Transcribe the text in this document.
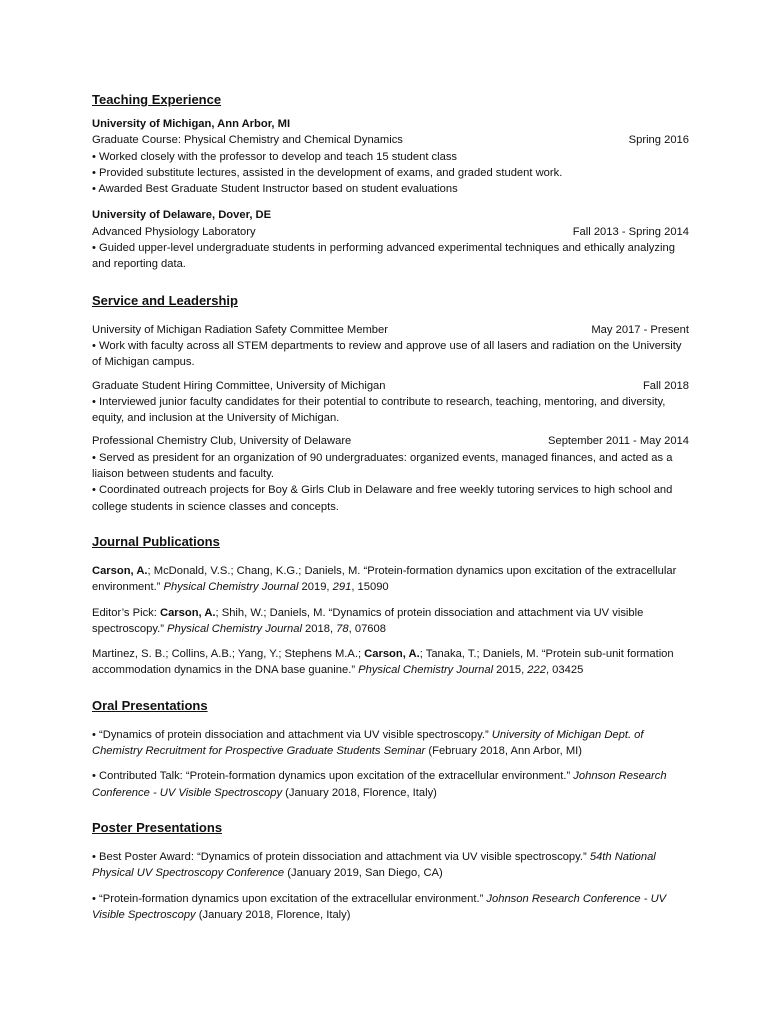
Teaching Experience
University of Michigan, Ann Arbor, MI
Graduate Course: Physical Chemistry and Chemical Dynamics	Spring 2016
• Worked closely with the professor to develop and teach 15 student class
• Provided substitute lectures, assisted in the development of exams, and graded student work.
• Awarded Best Graduate Student Instructor based on student evaluations
University of Delaware, Dover, DE
Advanced Physiology Laboratory	Fall 2013 - Spring 2014
• Guided upper-level undergraduate students in performing advanced experimental techniques and ethically analyzing and reporting data.
Service and Leadership
University of Michigan Radiation Safety Committee Member	May 2017 - Present
• Work with faculty across all STEM departments to review and approve use of all lasers and radiation on the University of Michigan campus.
Graduate Student Hiring Committee, University of Michigan	Fall 2018
• Interviewed junior faculty candidates for their potential to contribute to research, teaching, mentoring, and diversity, equity, and inclusion at the University of Michigan.
Professional Chemistry Club, University of Delaware	September 2011 - May 2014
• Served as president for an organization of 90 undergraduates: organized events, managed finances, and acted as a liaison between students and faculty.
• Coordinated outreach projects for Boy & Girls Club in Delaware and free weekly tutoring services to high school and college students in science classes and concepts.
Journal Publications
Carson, A.; McDonald, V.S.; Chang, K.G.; Daniels, M. “Protein-formation dynamics upon excitation of the extracellular environment.” Physical Chemistry Journal 2019, 291, 15090
Editor’s Pick: Carson, A.; Shih, W.; Daniels, M. “Dynamics of protein dissociation and attachment via UV visible spectroscopy.” Physical Chemistry Journal 2018, 78, 07608
Martinez, S. B.; Collins, A.B.; Yang, Y.; Stephens M.A.; Carson, A.; Tanaka, T.; Daniels, M. “Protein sub-unit formation accommodation dynamics in the DNA base guanine.” Physical Chemistry Journal 2015, 222, 03425
Oral Presentations
• “Dynamics of protein dissociation and attachment via UV visible spectroscopy.” University of Michigan Dept. of Chemistry Recruitment for Prospective Graduate Students Seminar (February 2018, Ann Arbor, MI)
• Contributed Talk: “Protein-formation dynamics upon excitation of the extracellular environment.” Johnson Research Conference - UV Visible Spectroscopy (January 2018, Florence, Italy)
Poster Presentations
• Best Poster Award: “Dynamics of protein dissociation and attachment via UV visible spectroscopy.” 54th National Physical UV Spectroscopy Conference (January 2019, San Diego, CA)
• “Protein-formation dynamics upon excitation of the extracellular environment.” Johnson Research Conference - UV Visible Spectroscopy (January 2018, Florence, Italy)
